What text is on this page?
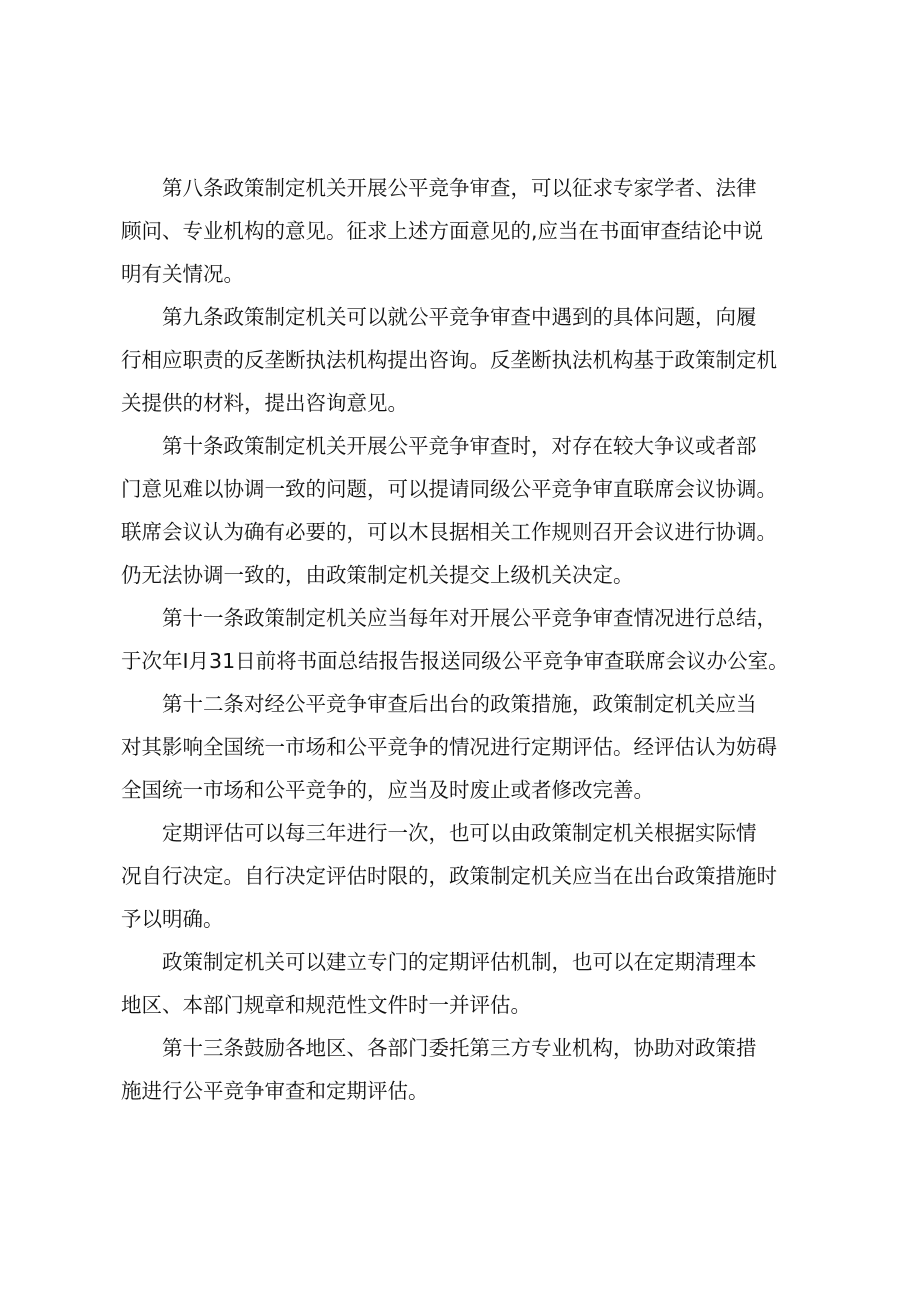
第八条政策制定机关开展公平竞争审查，可以征求专家学者、法律
顾问、专业机构的意见。征求上述方面意见的,应当在书面审查结论中说
明有关情况。

第九条政策制定机关可以就公平竞争审查中遇到的具体问题，向履
行相应职责的反垄断执法机构提出咨询。反垄断执法机构基于政策制定机
关提供的材料，提出咨询意见。

第十条政策制定机关开展公平竞争审查时，对存在较大争议或者部
门意见难以协调一致的问题，可以提请同级公平竞争审直联席会议协调。
联席会议认为确有必要的，可以木艮据相关工作规则召开会议进行协调。
仍无法协调一致的，由政策制定机关提交上级机关决定。

第十一条政策制定机关应当每年对开展公平竞争审查情况进行总结，
于次年I月31日前将书面总结报告报送同级公平竞争审查联席会议办公室。

第十二条对经公平竞争审查后出台的政策措施，政策制定机关应当
对其影响全国统一市场和公平竞争的情况进行定期评估。经评估认为妨碍
全国统一市场和公平竞争的，应当及时废止或者修改完善。

定期评估可以每三年进行一次，也可以由政策制定机关根据实际情
况自行决定。自行决定评估时限的，政策制定机关应当在出台政策措施时
予以明确。

政策制定机关可以建立专门的定期评估机制，也可以在定期清理本
地区、本部门规章和规范性文件时一并评估。

第十三条鼓励各地区、各部门委托第三方专业机构，协助对政策措
施进行公平竞争审查和定期评估。
